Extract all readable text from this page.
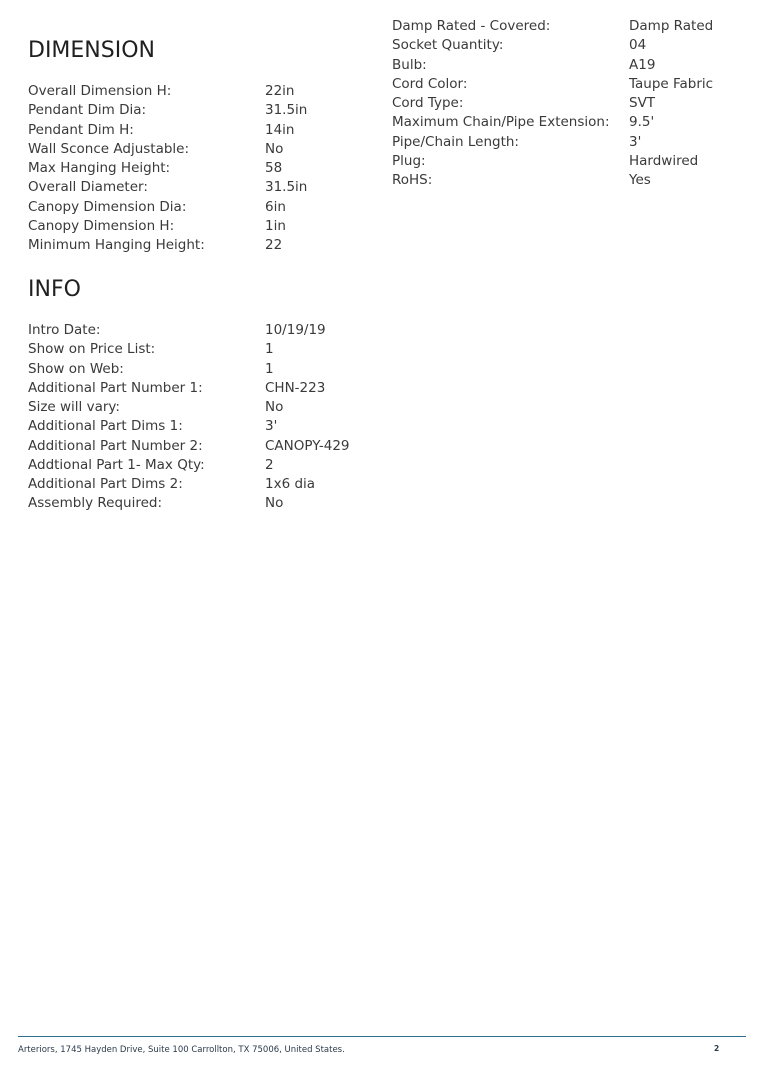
Damp Rated - Covered:	Damp Rated
Socket Quantity:	04
Bulb:	A19
Cord Color:	Taupe Fabric
Cord Type:	SVT
Maximum Chain/Pipe Extension:	9.5'
Pipe/Chain Length:	3'
Plug:	Hardwired
RoHS:	Yes
DIMENSION
Overall Dimension H:	22in
Pendant Dim Dia:	31.5in
Pendant Dim H:	14in
Wall Sconce Adjustable:	No
Max Hanging Height:	58
Overall Diameter:	31.5in
Canopy Dimension Dia:	6in
Canopy Dimension H:	1in
Minimum Hanging Height:	22
INFO
Intro Date:	10/19/19
Show on Price List:	1
Show on Web:	1
Additional Part Number 1:	CHN-223
Size will vary:	No
Additional Part Dims 1:	3'
Additional Part Number 2:	CANOPY-429
Addtional Part 1- Max Qty:	2
Additional Part Dims 2:	1x6 dia
Assembly Required:	No
Arteriors, 1745 Hayden Drive, Suite 100 Carrollton, TX 75006, United States.	2
